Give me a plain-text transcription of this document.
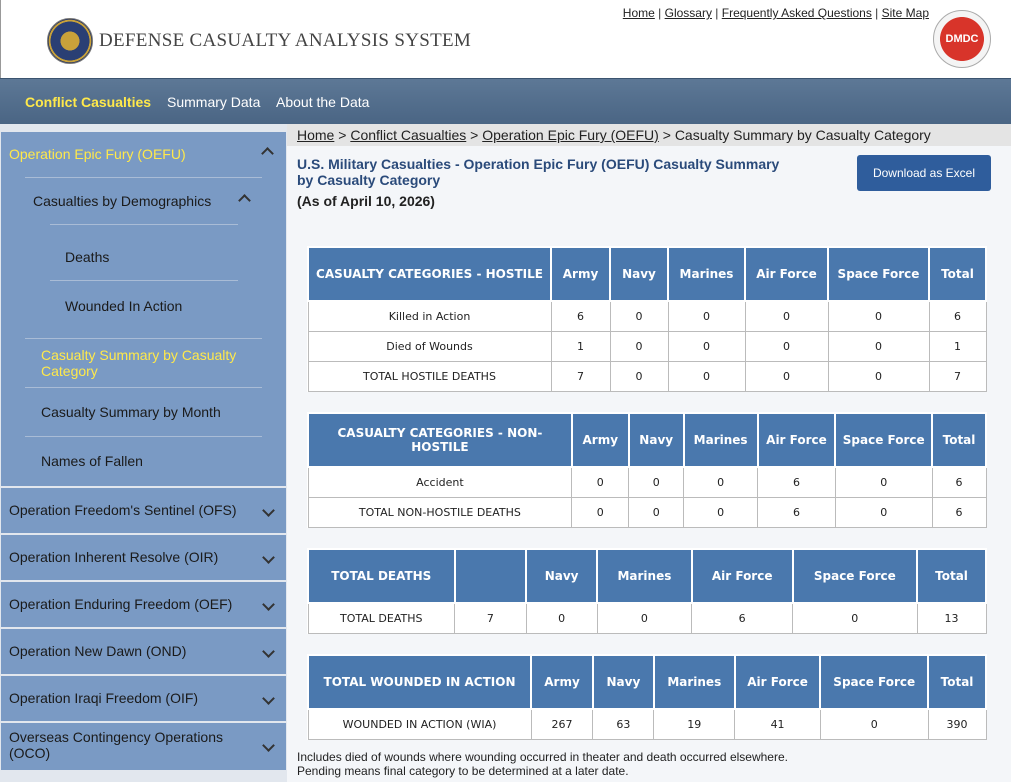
DEFENSE CASUALTY ANALYSIS SYSTEM
Home | Glossary | Frequently Asked Questions | Site Map
DMDC
Conflict Casualties Summary Data About the Data
Operation Epic Fury (OEFU)
Casualties by Demographics
Deaths
Wounded In Action
Casualty Summary by Casualty Category
Casualty Summary by Month
Names of Fallen
Operation Freedom's Sentinel (OFS)
Operation Inherent Resolve (OIR)
Operation Enduring Freedom (OEF)
Operation New Dawn (OND)
Operation Iraqi Freedom (OIF)
Overseas Contingency Operations (OCO)
Home > Conflict Casualties > Operation Epic Fury (OEFU) > Casualty Summary by Casualty Category
U.S. Military Casualties - Operation Epic Fury (OEFU) Casualty Summary by Casualty Category
(As of April 10, 2026)
Download as Excel
CASUALTY CATEGORIES - HOSTILE	Army	Navy	Marines	Air Force	Space Force	Total
Killed in Action	6	0	0	0	0	6
Died of Wounds	1	0	0	0	0	1
TOTAL HOSTILE DEATHS	7	0	0	0	0	7
CASUALTY CATEGORIES - NON-HOSTILE	Army	Navy	Marines	Air Force	Space Force	Total
Accident	0	0	0	6	0	6
TOTAL NON-HOSTILE DEATHS	0	0	0	6	0	6
TOTAL DEATHS		Navy	Marines	Air Force	Space Force	Total
TOTAL DEATHS	7	0	0	6	0	13
TOTAL WOUNDED IN ACTION	Army	Navy	Marines	Air Force	Space Force	Total
WOUNDED IN ACTION (WIA)	267	63	19	41	0	390
Includes died of wounds where wounding occurred in theater and death occurred elsewhere.
Pending means final category to be determined at a later date.
